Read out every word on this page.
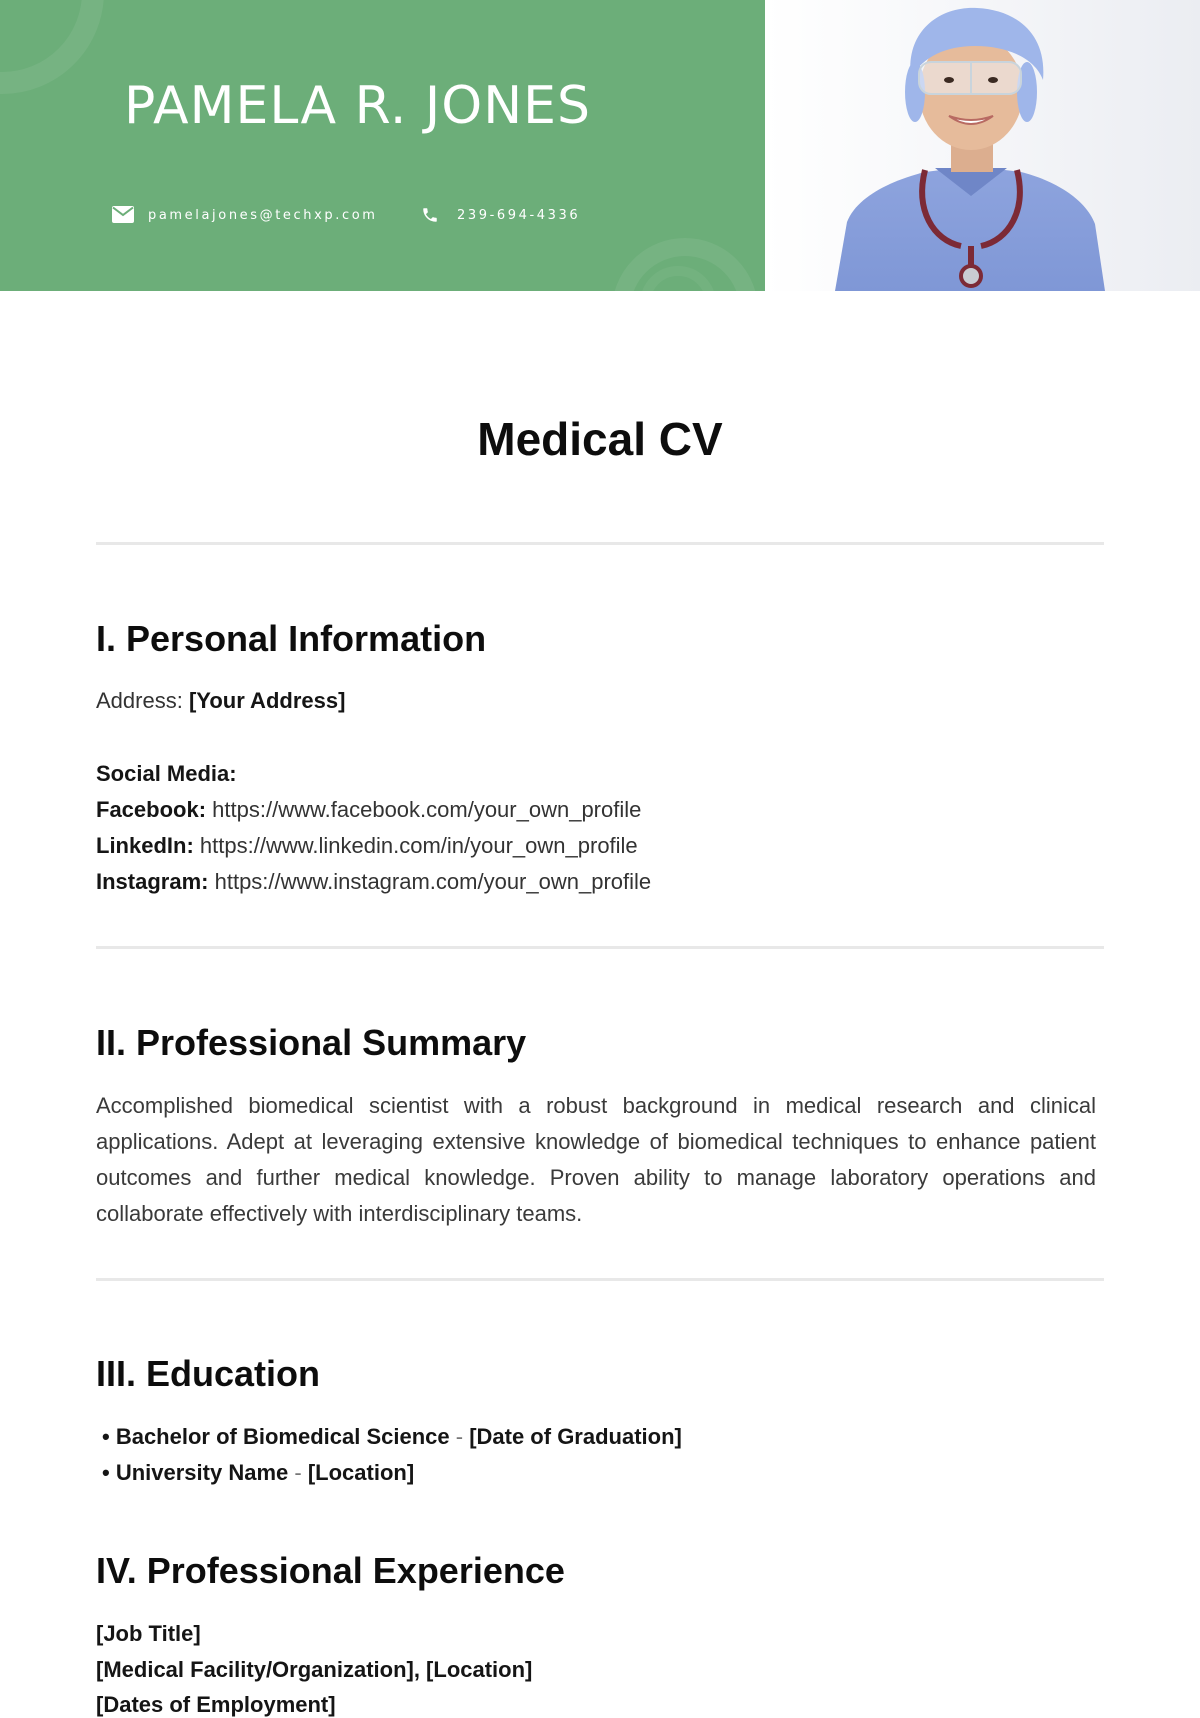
PAMELA R. JONES
pamelajones@techxp.com	239-694-4336
Medical CV
I. Personal Information
Address: [Your Address]
Social Media:
Facebook: https://www.facebook.com/your_own_profile
LinkedIn: https://www.linkedin.com/in/your_own_profile
Instagram: https://www.instagram.com/your_own_profile
II. Professional Summary
Accomplished biomedical scientist with a robust background in medical research and clinical applications. Adept at leveraging extensive knowledge of biomedical techniques to enhance patient outcomes and further medical knowledge. Proven ability to manage laboratory operations and collaborate effectively with interdisciplinary teams.
III. Education
• Bachelor of Biomedical Science - [Date of Graduation]
• University Name - [Location]
IV. Professional Experience
[Job Title]
[Medical Facility/Organization], [Location]
[Dates of Employment]
